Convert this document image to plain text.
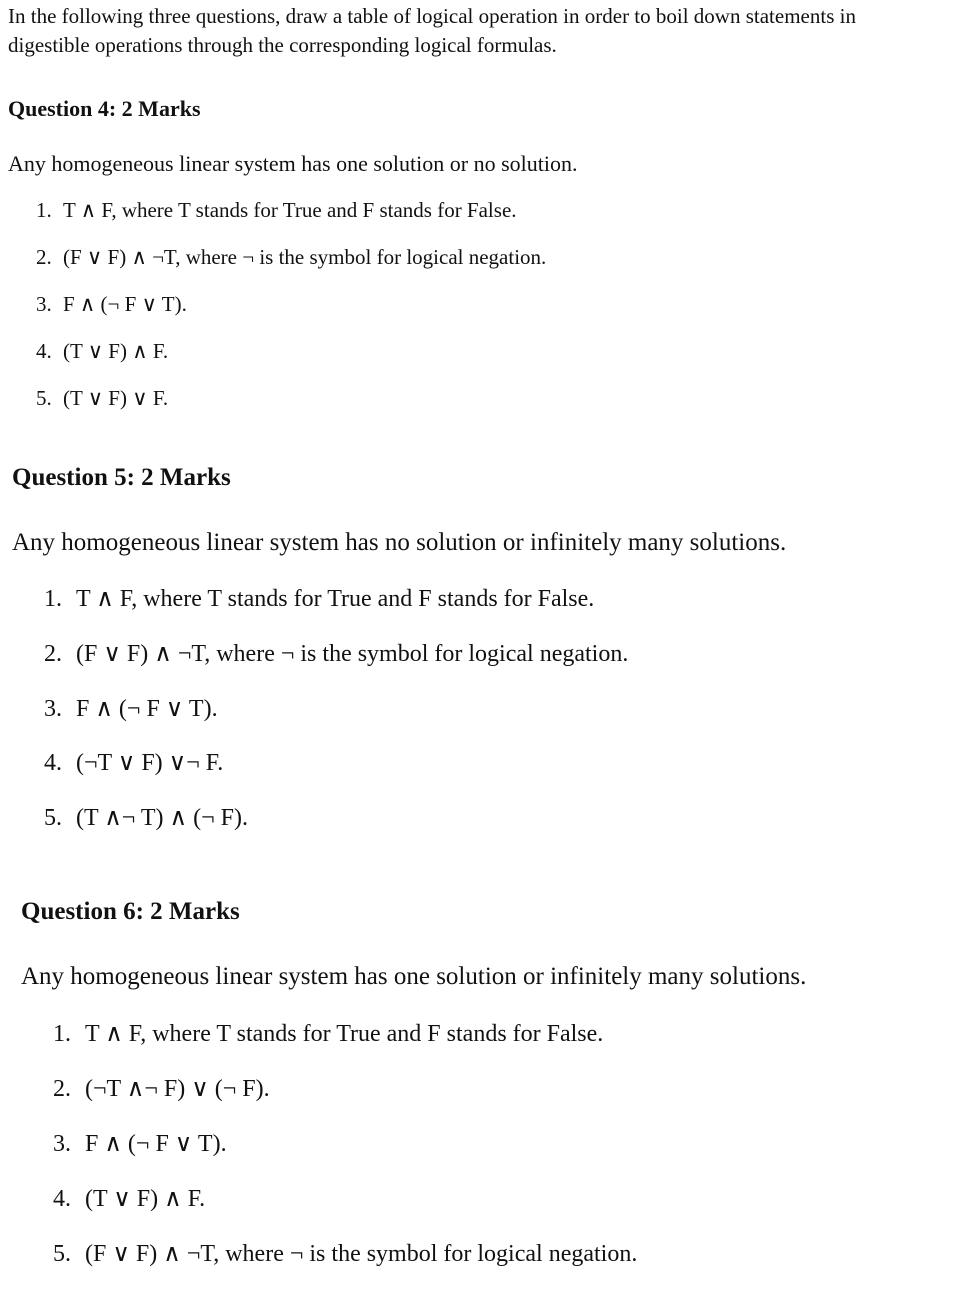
In the following three questions, draw a table of logical operation in order to boil down statements in
digestible operations through the corresponding logical formulas.
Question 4: 2 Marks
Any homogeneous linear system has one solution or no solution.
1. T ∧ F, where T stands for True and F stands for False.
2. (F ∨ F) ∧ ¬T, where ¬ is the symbol for logical negation.
3. F ∧ (¬ F ∨ T).
4. (T ∨ F) ∧ F.
5. (T ∨ F) ∨ F.
Question 5: 2 Marks
Any homogeneous linear system has no solution or infinitely many solutions.
1. T ∧ F, where T stands for True and F stands for False.
2. (F ∨ F) ∧ ¬T, where ¬ is the symbol for logical negation.
3. F ∧ (¬ F ∨ T).
4. (¬T ∨ F) ∨¬ F.
5. (T ∧¬ T) ∧ (¬ F).
Question 6: 2 Marks
Any homogeneous linear system has one solution or infinitely many solutions.
1. T ∧ F, where T stands for True and F stands for False.
2. (¬T ∧¬ F) ∨ (¬ F).
3. F ∧ (¬ F ∨ T).
4. (T ∨ F) ∧ F.
5. (F ∨ F) ∧ ¬T, where ¬ is the symbol for logical negation.
